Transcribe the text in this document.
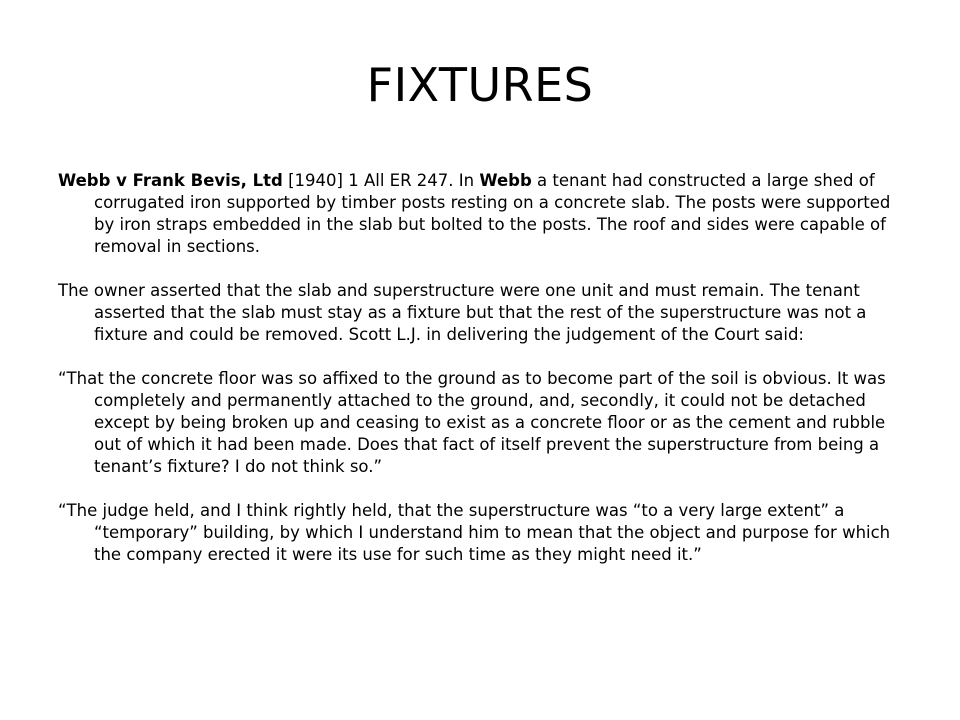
FIXTURES

Webb v Frank Bevis, Ltd [1940] 1 All ER 247. In Webb a tenant had constructed a large shed of corrugated iron supported by timber posts resting on a concrete slab. The posts were supported by iron straps embedded in the slab but bolted to the posts. The roof and sides were capable of removal in sections.

The owner asserted that the slab and superstructure were one unit and must remain. The tenant asserted that the slab must stay as a fixture but that the rest of the superstructure was not a fixture and could be removed. Scott L.J. in delivering the judgement of the Court said:

“That the concrete floor was so affixed to the ground as to become part of the soil is obvious. It was completely and permanently attached to the ground, and, secondly, it could not be detached except by being broken up and ceasing to exist as a concrete floor or as the cement and rubble out of which it had been made. Does that fact of itself prevent the superstructure from being a tenant’s fixture? I do not think so.”

“The judge held, and I think rightly held, that the superstructure was “to a very large extent” a “temporary” building, by which I understand him to mean that the object and purpose for which the company erected it were its use for such time as they might need it.”
